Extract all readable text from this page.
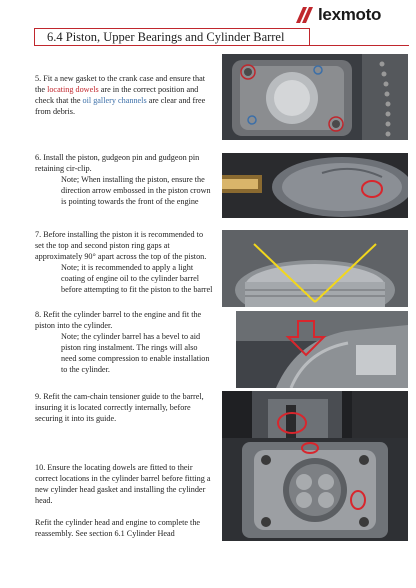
lexmoto
6.4 Piston, Upper Bearings and Cylinder Barrel

5. Fit a new gasket to the crank case and ensure that the locating dowels are in the correct position and check that the oil gallery channels are clear and free from debris.

6. Install the piston, gudgeon pin and gudgeon pin retaining cir-clip.

Note; When installing the piston, ensure the direction arrow embossed in the piston crown is pointing towards the front of the engine

7. Before installing the piston it is recommended to set the top and second piston ring gaps at approximately 90° apart across the top of the piston.

Note; it is recommended to apply a light coating of engine oil to the cylinder barrel before attempting to fit the piston to the barrel

8. Refit the cylinder barrel to the engine and fit the piston into the cylinder.

Note; the cylinder barrel has a bevel to aid piston ring instalment. The rings will also need some compression to enable installation to the cylinder.

9. Refit the cam-chain tensioner guide to the barrel, insuring it is located correctly internally, before securing it into its guide.

10. Ensure the locating dowels are fitted to their correct locations in the cylinder barrel before fitting a new cylinder head gasket and installing the cylinder head.

Refit the cylinder head and engine to complete the reassembly. See section 6.1 Cylinder Head
